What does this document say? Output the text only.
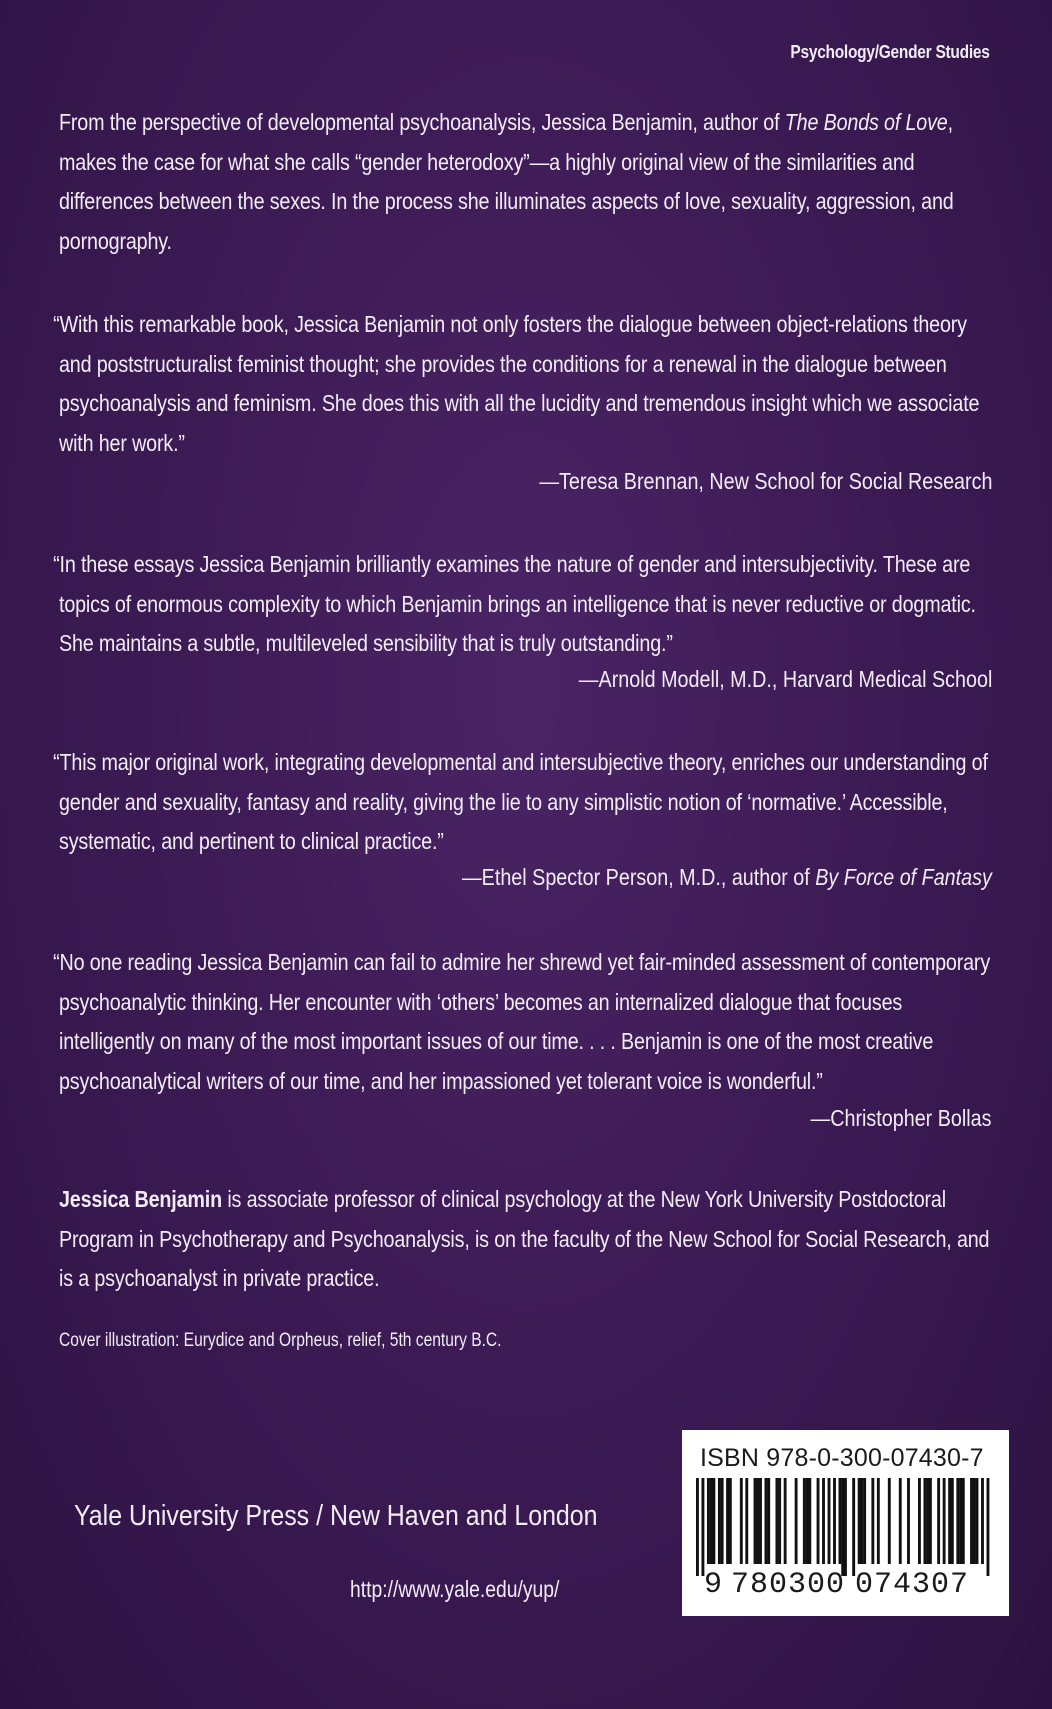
Psychology/Gender Studies
From the perspective of developmental psychoanalysis, Jessica Benjamin, author of The Bonds of Love, makes the case for what she calls “gender heterodoxy”—a highly original view of the similarities and differences between the sexes. In the process she illuminates aspects of love, sexuality, aggression, and pornography.
“With this remarkable book, Jessica Benjamin not only fosters the dialogue between object-relations theory and poststructuralist feminist thought; she provides the conditions for a renewal in the dialogue between psychoanalysis and feminism. She does this with all the lucidity and tremendous insight which we associate with her work.”
—Teresa Brennan, New School for Social Research
“In these essays Jessica Benjamin brilliantly examines the nature of gender and intersubjectivity. These are topics of enormous complexity to which Benjamin brings an intelligence that is never reductive or dogmatic. She maintains a subtle, multileveled sensibility that is truly outstanding.”
—Arnold Modell, M.D., Harvard Medical School
“This major original work, integrating developmental and intersubjective theory, enriches our understanding of gender and sexuality, fantasy and reality, giving the lie to any simplistic notion of ‘normative.’ Accessible, systematic, and pertinent to clinical practice.”
—Ethel Spector Person, M.D., author of By Force of Fantasy
“No one reading Jessica Benjamin can fail to admire her shrewd yet fair-minded assessment of contemporary psychoanalytic thinking. Her encounter with ‘others’ becomes an internalized dialogue that focuses intelligently on many of the most important issues of our time. . . . Benjamin is one of the most creative psychoanalytical writers of our time, and her impassioned yet tolerant voice is wonderful.”
—Christopher Bollas
Jessica Benjamin is associate professor of clinical psychology at the New York University Postdoctoral Program in Psychotherapy and Psychoanalysis, is on the faculty of the New School for Social Research, and is a psychoanalyst in private practice.
Cover illustration: Eurydice and Orpheus, relief, 5th century B.C.
Yale University Press / New Haven and London
http://www.yale.edu/yup/
ISBN 978-0-300-07430-7
9 780300 074307
